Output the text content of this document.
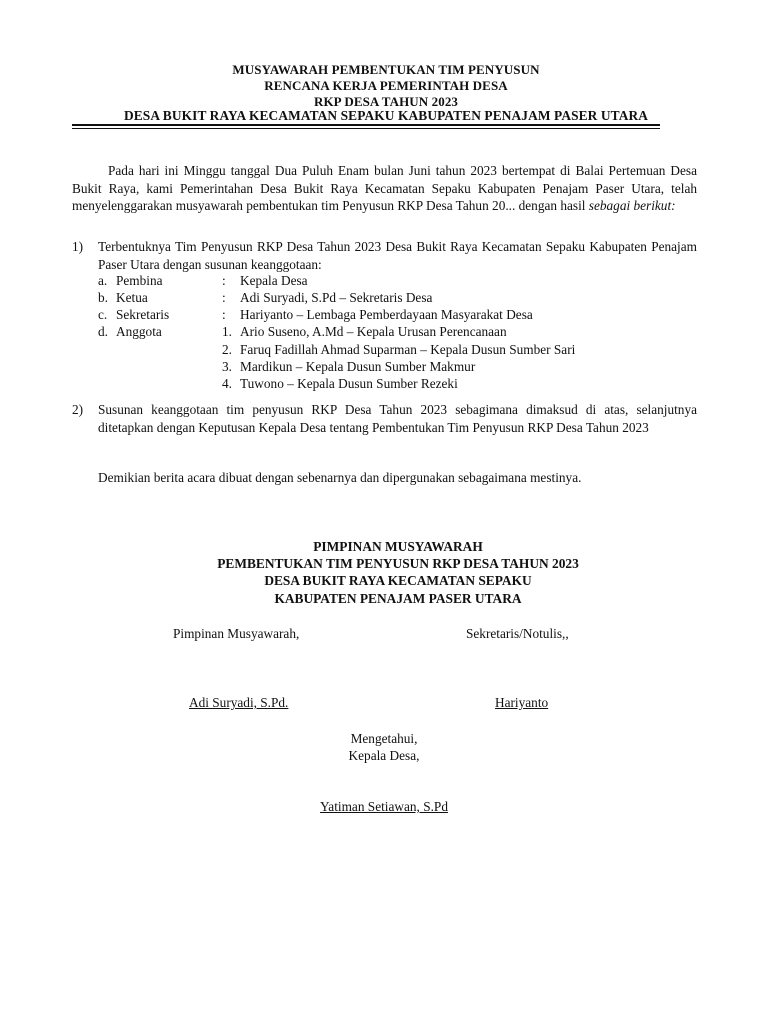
MUSYAWARAH PEMBENTUKAN TIM PENYUSUN
RENCANA KERJA PEMERINTAH DESA
RKP DESA TAHUN 2023
DESA BUKIT RAYA KECAMATAN SEPAKU KABUPATEN PENAJAM PASER UTARA
Pada hari ini Minggu tanggal Dua Puluh Enam bulan Juni tahun 2023 bertempat di Balai Pertemuan Desa Bukit Raya, kami Pemerintahan Desa Bukit Raya Kecamatan Sepaku Kabupaten Penajam Paser Utara, telah menyelenggarakan musyawarah pembentukan tim Penyusun RKP Desa Tahun 20... dengan hasil sebagai berikut:
1) Terbentuknya Tim Penyusun RKP Desa Tahun 2023 Desa Bukit Raya Kecamatan Sepaku Kabupaten Penajam Paser Utara dengan susunan keanggotaan:
a. Pembina	: Kepala Desa
b. Ketua	: Adi Suryadi, S.Pd – Sekretaris Desa
c. Sekretaris	: Hariyanto – Lembaga Pemberdayaan Masyarakat Desa
d. Anggota	1. Ario Suseno, A.Md – Kepala Urusan Perencanaan
2. Faruq Fadillah Ahmad Suparman – Kepala Dusun Sumber Sari
3. Mardikun – Kepala Dusun Sumber Makmur
4. Tuwono – Kepala Dusun Sumber Rezeki
2) Susunan keanggotaan tim penyusun RKP Desa Tahun 2023 sebagimana dimaksud di atas, selanjutnya ditetapkan dengan Keputusan Kepala Desa tentang Pembentukan Tim Penyusun RKP Desa Tahun 2023
Demikian berita acara dibuat dengan sebenarnya dan dipergunakan sebagaimana mestinya.
PIMPINAN MUSYAWARAH
PEMBENTUKAN TIM PENYUSUN RKP DESA TAHUN 2023
DESA BUKIT RAYA KECAMATAN SEPAKU
KABUPATEN PENAJAM PASER UTARA
Pimpinan Musyawarah,	Sekretaris/Notulis,,
Adi Suryadi, S.Pd.	Hariyanto
Mengetahui,
Kepala Desa,
Yatiman Setiawan, S.Pd
